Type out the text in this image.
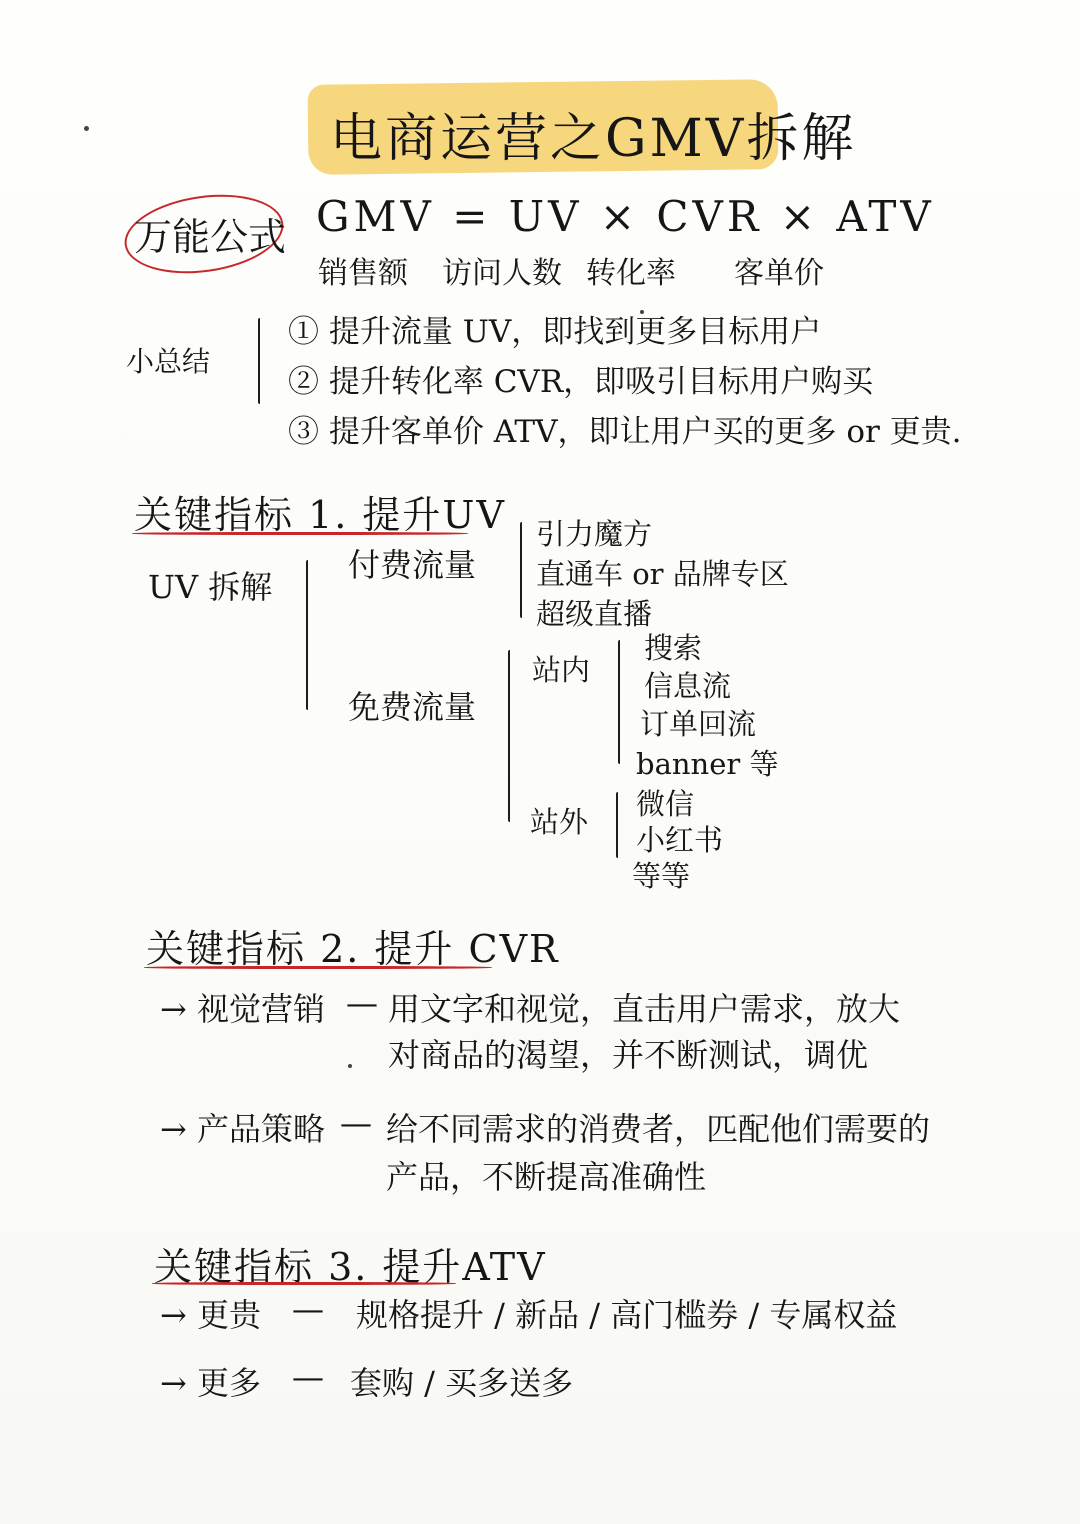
电商运营之GMV拆解
万能公式 GMV = UV × CVR × ATV
销售额 访问人数 转化率 客单价
小总结
① 提升流量 UV，即找到更多目标用户
② 提升转化率 CVR，即吸引目标用户购买
③ 提升客单价 ATV，即让用户买的更多 or 更贵.
关键指标 1. 提升UV
UV 拆解
付费流量
引力魔方
直通车 or 品牌专区
超级直播
免费流量
站内
搜索
信息流
订单回流
banner 等
站外
微信
小红书
等等
关键指标 2. 提升 CVR
→ 视觉营销 — 用文字和视觉，直击用户需求，放大
对商品的渴望，并不断测试，调优
→ 产品策略 — 给不同需求的消费者，匹配他们需要的
产品，不断提高准确性
关键指标 3. 提升ATV
→ 更贵 — 规格提升 / 新品 / 高门槛券 / 专属权益
→ 更多 — 套购 / 买多送多
